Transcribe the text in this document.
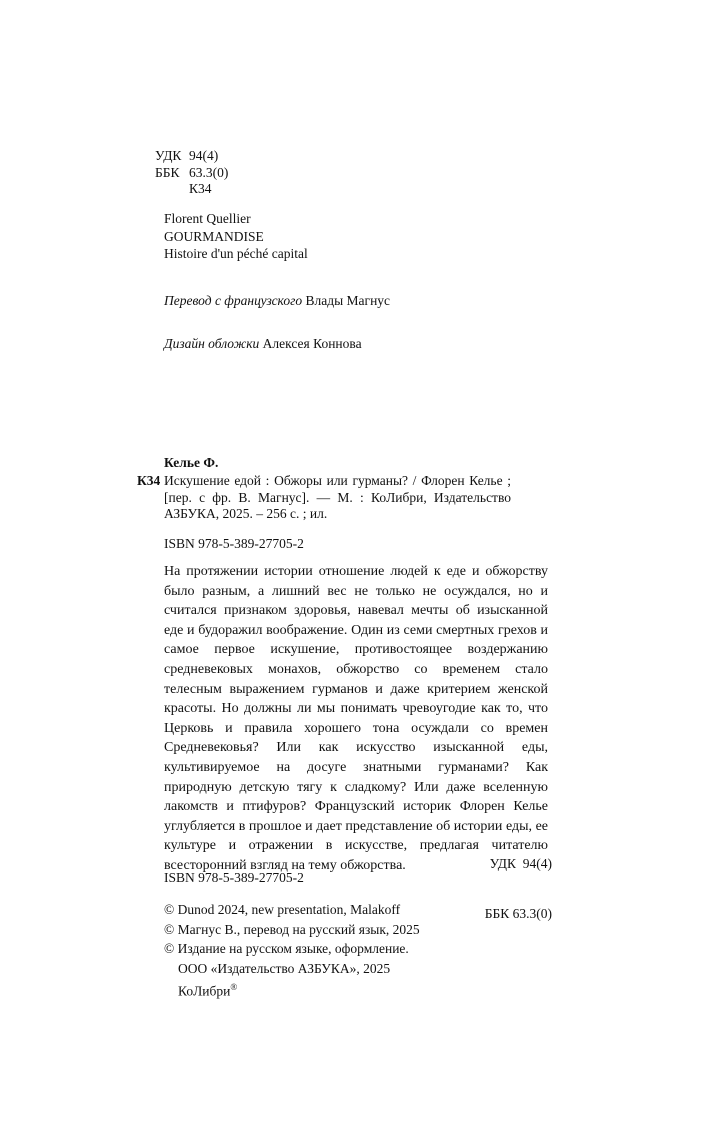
УДК 94(4)
ББК 63.3(0)
К34
Florent Quellier
GOURMANDISE
Histoire d'un péché capital
Перевод с французского Влады Магнус
Дизайн обложки Алексея Коннова
Келье Ф.
К34 Искушение едой : Обжоры или гурманы? / Флорен Келье ; [пер. с фр. В. Магнус]. — М. : КоЛибри, Издательство АЗБУКА, 2025. – 256 с. ; ил.
ISBN 978-5-389-27705-2
На протяжении истории отношение людей к еде и обжорству было разным, а лишний вес не только не осуждался, но и считался признаком здоровья, навевал мечты об изысканной еде и будоражил воображение. Один из семи смертных грехов и самое первое искушение, противостоящее воздержанию средневековых монахов, обжорство со временем стало телесным выражением гурманов и даже критерием женской красоты. Но должны ли мы понимать чревоугодие как то, что Церковь и правила хорошего тона осуждали со времен Средневековья? Или как искусство изысканной еды, культивируемое на досуге знатными гурманами? Как природную детскую тягу к сладкому? Или даже вселенную лакомств и птифуров? Французский историк Флорен Келье углубляется в прошлое и дает представление об истории еды, ее культуре и отражении в искусстве, предлагая читателю всесторонний взгляд на тему обжорства.

	УДК  94(4)

ББК 63.3(0)

ISBN 978-5-389-27705-2
© Dunod 2024, new presentation, Malakoff
© Магнус В., перевод на русский язык, 2025
© Издание на русском языке, оформление.
ООО «Издательство АЗБУКА», 2025
КоЛибри®
